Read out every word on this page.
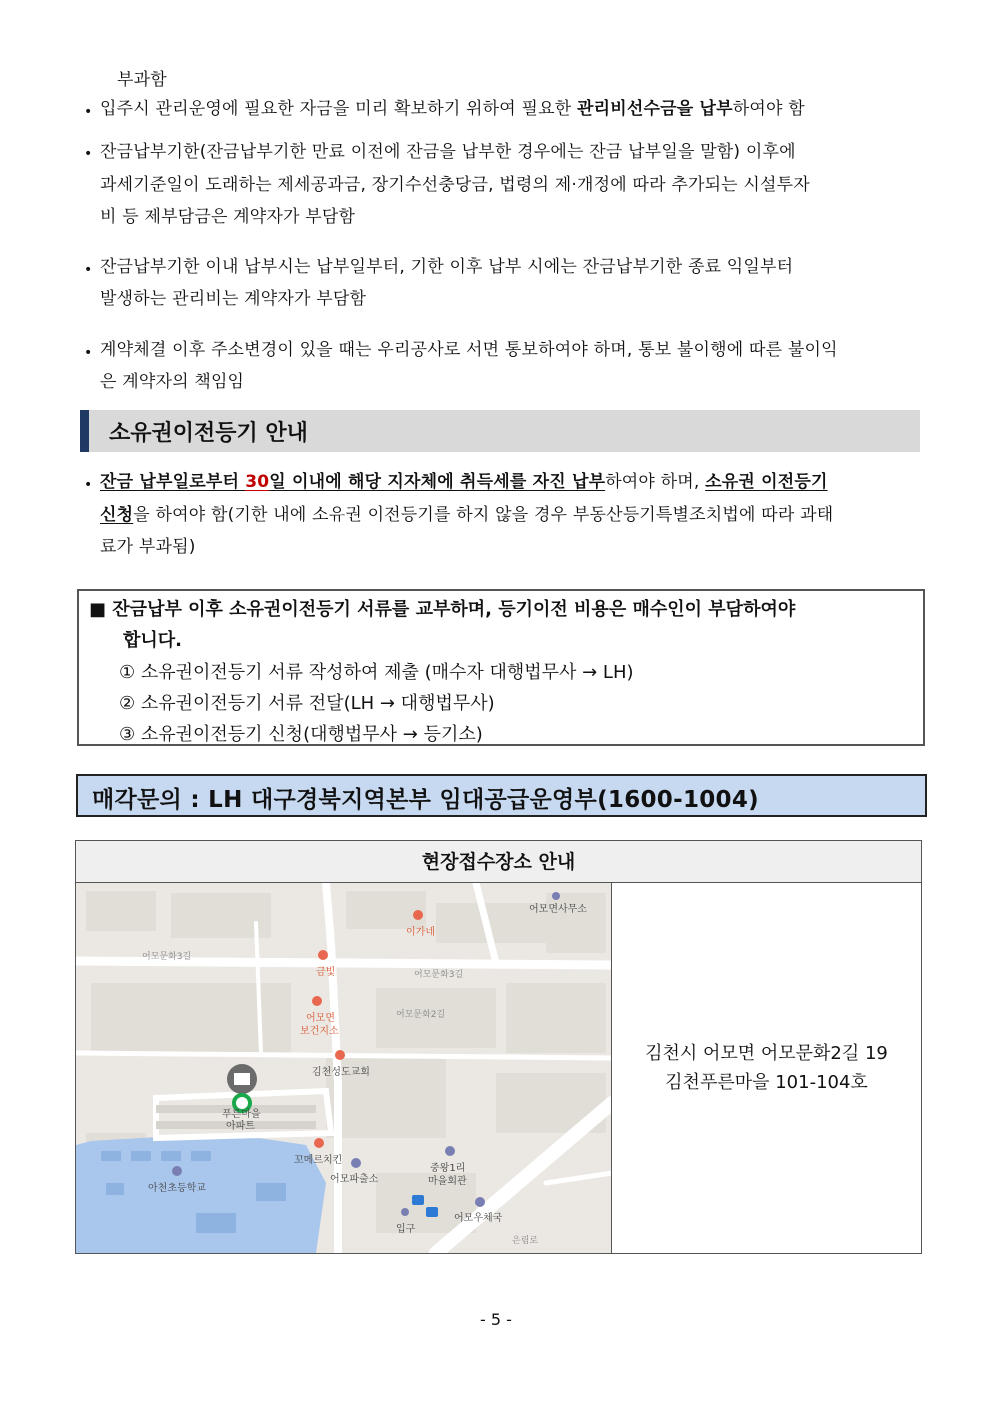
부과함
• 입주시 관리운영에 필요한 자금을 미리 확보하기 위하여 필요한 관리비선수금을 납부하여야 함
• 잔금납부기한(잔금납부기한 만료 이전에 잔금을 납부한 경우에는 잔금 납부일을 말함) 이후에
과세기준일이 도래하는 제세공과금, 장기수선충당금, 법령의 제·개정에 따라 추가되는 시설투자
비 등 제부담금은 계약자가 부담함
• 잔금납부기한 이내 납부시는 납부일부터, 기한 이후 납부 시에는 잔금납부기한 종료 익일부터
발생하는 관리비는 계약자가 부담함
• 계약체결 이후 주소변경이 있을 때는 우리공사로 서면 통보하여야 하며, 통보 불이행에 따른 불이익
은 계약자의 책임임
소유권이전등기 안내
• 잔금 납부일로부터 30일 이내에 해당 지자체에 취득세를 자진 납부하여야 하며, 소유권 이전등기
신청을 하여야 함(기한 내에 소유권 이전등기를 하지 않을 경우 부동산등기특별조치법에 따라 과태
료가 부과됨)
■ 잔금납부 이후 소유권이전등기 서류를 교부하며, 등기이전 비용은 매수인이 부담하여야
합니다.
① 소유권이전등기 서류 작성하여 제출 (매수자 대행법무사 → LH)
② 소유권이전등기 서류 전달(LH → 대행법무사)
③ 소유권이전등기 신청(대행법무사 → 등기소)
매각문의 : LH 대구경북지역본부 임대공급운영부(1600-1004)
현장접수장소 안내
어모면사무소
이가네
금빛
어모면
보건지소
김천성도교회
푸른마을
아파트
꼬메르치킨
어모파출소
중왕1리
마을회관
아천초등학교
어모우체국
입구
어모문화3길
어모문화3길
어모문화2길
은림로
김천시 어모면 어모문화2길 19
김천푸른마을 101-104호
- 5 -
